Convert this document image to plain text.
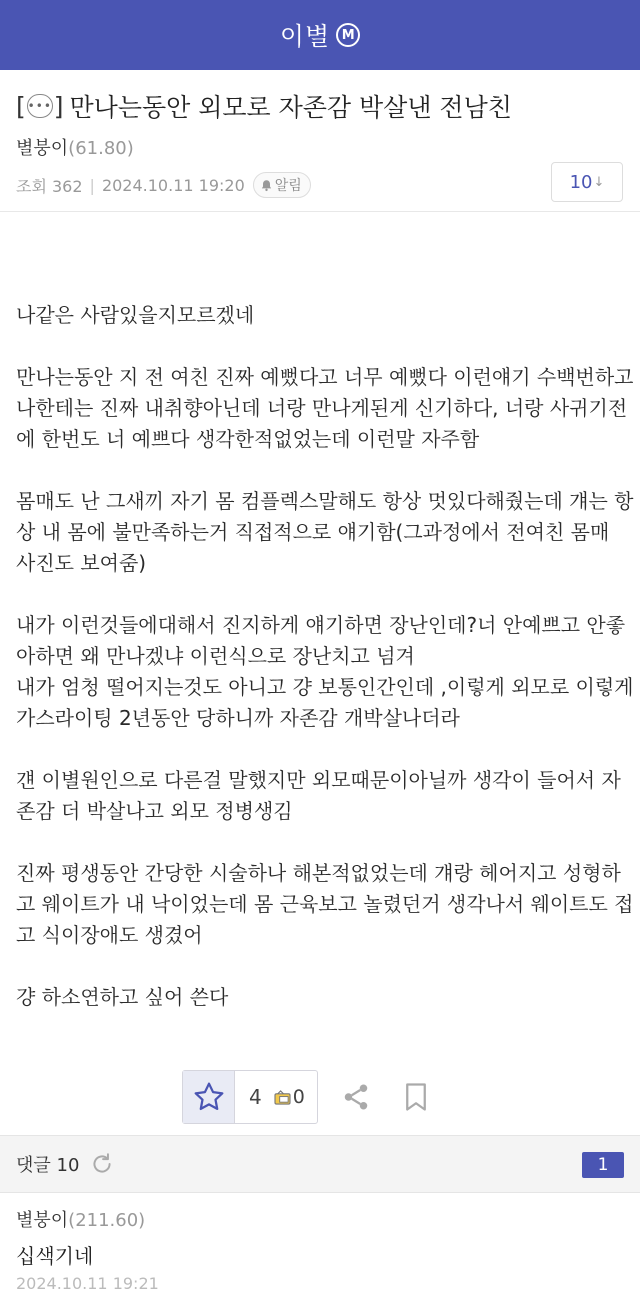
이별 M
[ ••• ] 만나는동안 외모로 자존감 박살낸 전남친
별붕이(61.80)
조회 362 | 2024.10.11 19:20 알림	10 ↓

나같은 사람있을지모르겠네

만나는동안 지 전 여친 진짜 예뻤다고 너무 예뻤다 이런얘기 수백번하고 나한테는 진짜 내취향아닌데 너랑 만나게된게 신기하다, 너랑 사귀기전에 한번도 너 예쁘다 생각한적없었는데 이런말 자주함

몸매도 난 그새끼 자기 몸 컴플렉스말해도 항상 멋있다해줬는데 걔는 항상 내 몸에 불만족하는거 직접적으로 얘기함(그과정에서 전여친 몸매 사진도 보여줌)

내가 이런것들에대해서 진지하게 얘기하면 장난인데?너 안예쁘고 안좋아하면 왜 만나겠냐 이런식으로 장난치고 넘겨
내가 엄청 떨어지는것도 아니고 걍 보통인간인데 ,이렇게 외모로 이렇게 가스라이팅 2년동안 당하니까 자존감 개박살나더라

걘 이별원인으로 다른걸 말했지만 외모때문이아닐까 생각이 들어서 자존감 더 박살나고 외모 정병생김

진짜 평생동안 간당한 시술하나 해본적없었는데 걔랑 헤어지고 성형하고 웨이트가 내 낙이었는데 몸 근육보고 놀렸던거 생각나서 웨이트도 접고 식이장애도 생겼어

걍 하소연하고 싶어 쓴다

4 0
댓글 10	1
별붕이(211.60)
십색기네
2024.10.11 19:21
